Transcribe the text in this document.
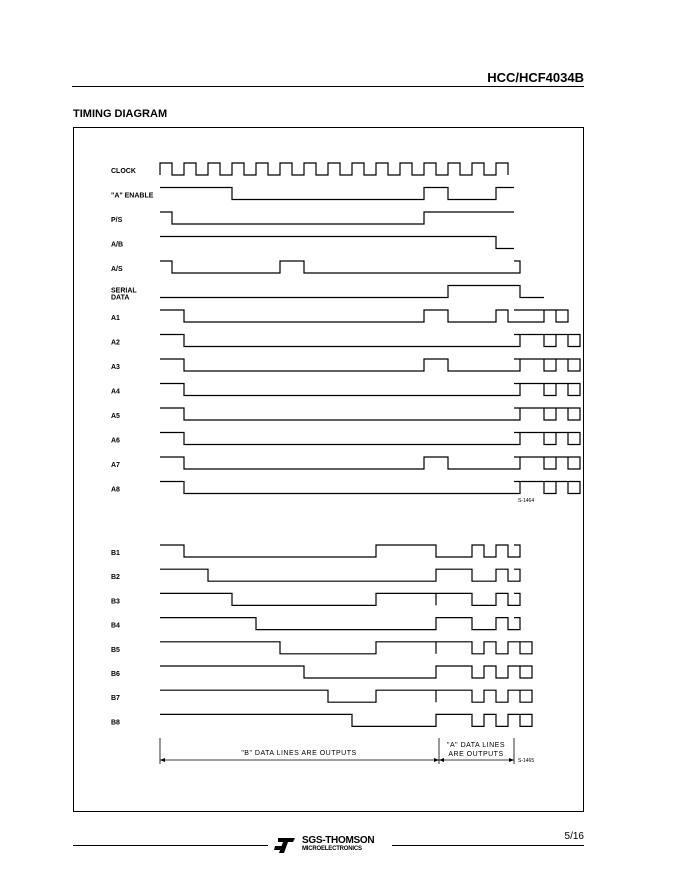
HCC/HCF4034B
TIMING DIAGRAM
CLOCK
"A" ENABLE
P/S
A/B
A/S
SERIAL
DATA
A1
A2
A3
A4
A5
A6
A7
A8
B1
B2
B3
B4
B5
B6
B7
B8
S-1464
S-1465
"B" DATA LINES ARE OUTPUTS
"A" DATA LINES
ARE OUTPUTS
SGS-THOMSON
MICROELECTRONICS
5/16
